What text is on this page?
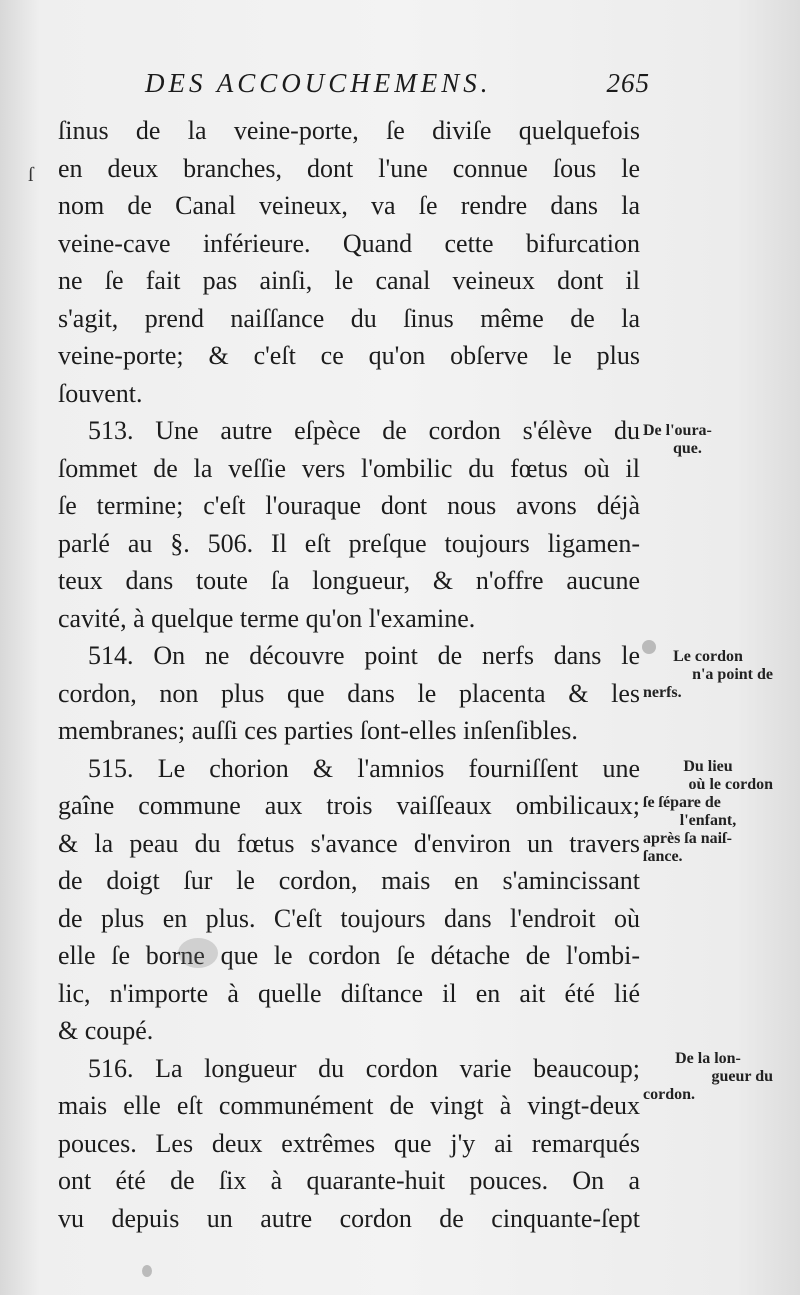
DES ACCOUCHEMENS.	265
ſ
ſinus de la veine-porte, ſe diviſe quelquefois
en deux branches, dont l'une connue ſous le
nom de Canal veineux, va ſe rendre dans la
veine-cave inférieure. Quand cette bifurcation
ne ſe fait pas ainſi, le canal veineux dont il
s'agit, prend naiſſance du ſinus même de la
veine-porte; & c'eſt ce qu'on obſerve le plus
ſouvent.
513. Une autre eſpèce de cordon s'élève du
ſommet de la veſſie vers l'ombilic du fœtus où il
ſe termine; c'eſt l'ouraque dont nous avons déjà
parlé au §. 506. Il eſt preſque toujours ligamen-
teux dans toute ſa longueur, & n'offre aucune
cavité, à quelque terme qu'on l'examine.
514. On ne découvre point de nerfs dans le
cordon, non plus que dans le placenta & les
membranes; auſſi ces parties ſont-elles inſenſibles.
515. Le chorion & l'amnios fourniſſent une
gaîne commune aux trois vaiſſeaux ombilicaux;
& la peau du fœtus s'avance d'environ un travers
de doigt ſur le cordon, mais en s'amincissant
de plus en plus. C'eſt toujours dans l'endroit où
elle ſe borne que le cordon ſe détache de l'ombi-
lic, n'importe à quelle diſtance il en ait été lié
& coupé.
516. La longueur du cordon varie beaucoup;
mais elle eſt communément de vingt à vingt-deux
pouces. Les deux extrêmes que j'y ai remarqués
ont été de ſix à quarante-huit pouces. On a
vu depuis un autre cordon de cinquante-ſept
De l'oura-
que.
Le cordon
n'a point de
nerfs.
Du lieu
où le cordon
ſe ſépare de
l'enfant,
après ſa naiſ-
ſance.
De la lon-
gueur du
cordon.
